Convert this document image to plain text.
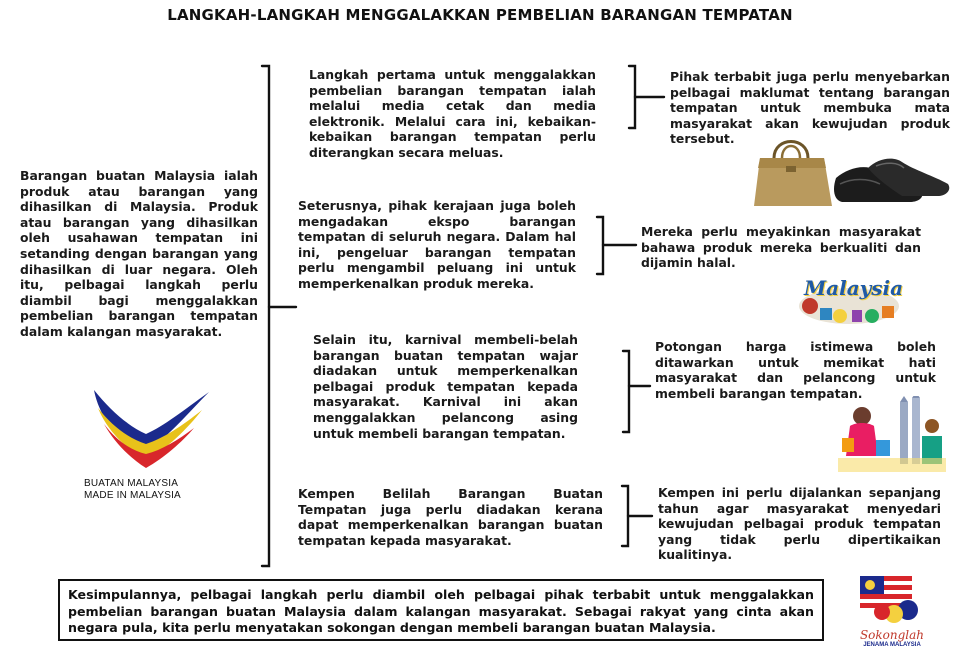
LANGKAH-LANGKAH MENGGALAKKAN PEMBELIAN BARANGAN TEMPATAN
Barangan buatan Malaysia ialah produk atau barangan yang dihasilkan di Malaysia. Produk atau barangan yang dihasilkan oleh usahawan tempatan ini setanding dengan barangan yang dihasilkan di luar negara. Oleh itu, pelbagai langkah perlu diambil bagi menggalakkan pembelian barangan tempatan dalam kalangan masyarakat.
BUATAN MALAYSIA
MADE IN MALAYSIA
Langkah pertama untuk menggalakkan pembelian barangan tempatan ialah melalui media cetak dan media elektronik. Melalui cara ini, kebaikan-kebaikan barangan tempatan perlu diterangkan secara meluas.
Seterusnya, pihak kerajaan juga boleh mengadakan ekspo barangan tempatan di seluruh negara. Dalam hal ini, pengeluar barangan tempatan perlu mengambil peluang ini untuk memperkenalkan produk mereka.
Selain itu, karnival membeli-belah barangan buatan tempatan wajar diadakan untuk memperkenalkan pelbagai produk tempatan kepada masyarakat. Karnival ini akan menggalakkan pelancong asing untuk membeli barangan tempatan.
Kempen Belilah Barangan Buatan Tempatan juga perlu diadakan kerana dapat memperkenalkan barangan buatan tempatan kepada masyarakat.
Pihak terbabit juga perlu menyebarkan pelbagai maklumat tentang barangan tempatan untuk membuka mata masyarakat akan kewujudan produk tersebut.
Mereka perlu meyakinkan masyarakat bahawa produk mereka berkualiti dan dijamin halal.
Potongan harga istimewa boleh ditawarkan untuk memikat hati masyarakat dan pelancong untuk membeli barangan tempatan.
Kempen ini perlu dijalankan sepanjang tahun agar masyarakat menyedari kewujudan pelbagai produk tempatan yang tidak perlu dipertikaikan kualitinya.
Malaysia
Kesimpulannya, pelbagai langkah perlu diambil oleh pelbagai pihak terbabit untuk menggalakkan pembelian barangan buatan Malaysia dalam kalangan masyarakat. Sebagai rakyat yang cinta akan negara pula, kita perlu menyatakan sokongan dengan membeli barangan buatan Malaysia.	Sokonglah
JENAMA MALAYSIA
